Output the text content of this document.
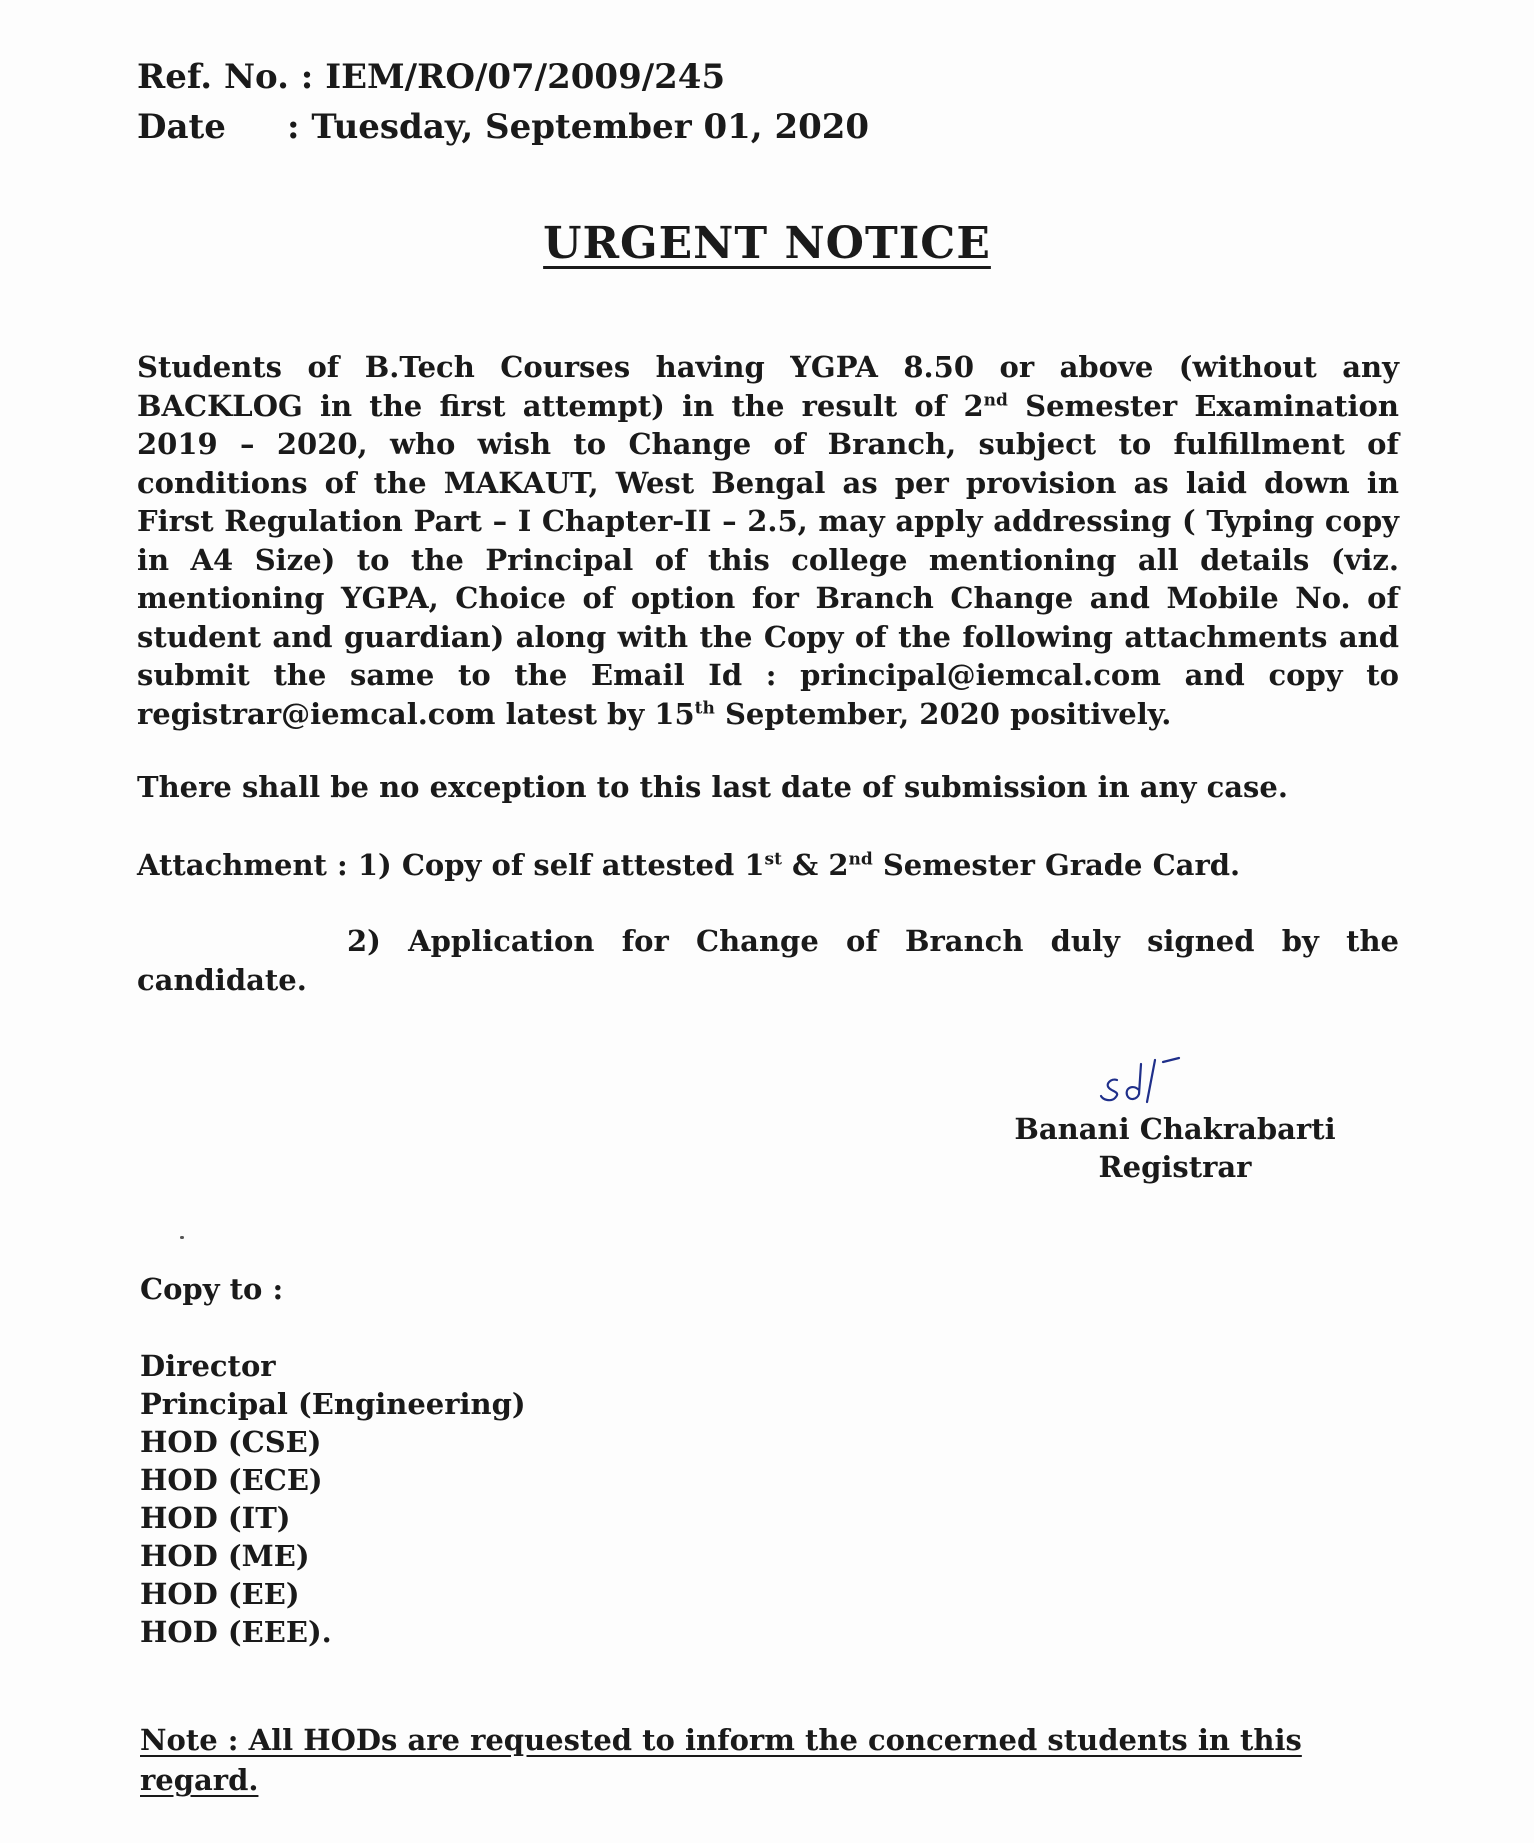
Ref. No. :
IEM/RO/07/2009/245
Date	: Tuesday, September 01, 2020
URGENT NOTICE
Students of B.Tech Courses having YGPA 8.50 or above (without any BACKLOG in the first attempt) in the result of 2nd Semester Examination 2019 – 2020, who wish to Change of Branch, subject to fulfillment of conditions of the MAKAUT, West Bengal as per provision as laid down in First Regulation Part – I Chapter-II – 2.5, may apply addressing ( Typing copy in A4 Size) to the Principal of this college mentioning all details (viz. mentioning YGPA, Choice of option for Branch Change and Mobile No. of student and guardian) along with the Copy of the following attachments and submit the same to the Email Id : principal@iemcal.com and copy to registrar@iemcal.com latest by 15th September, 2020 positively.
There shall be no exception to this last date of submission in any case.
Attachment : 1) Copy of self attested 1st & 2nd Semester Grade Card.
2) Application for Change of Branch duly signed by the candidate.
Banani Chakrabarti
Registrar
Copy to :
Director
Principal (Engineering)
HOD (CSE)
HOD (ECE)
HOD (IT)
HOD (ME)
HOD (EE)
HOD (EEE).
Note : All HODs are requested to inform the concerned students in this regard.
